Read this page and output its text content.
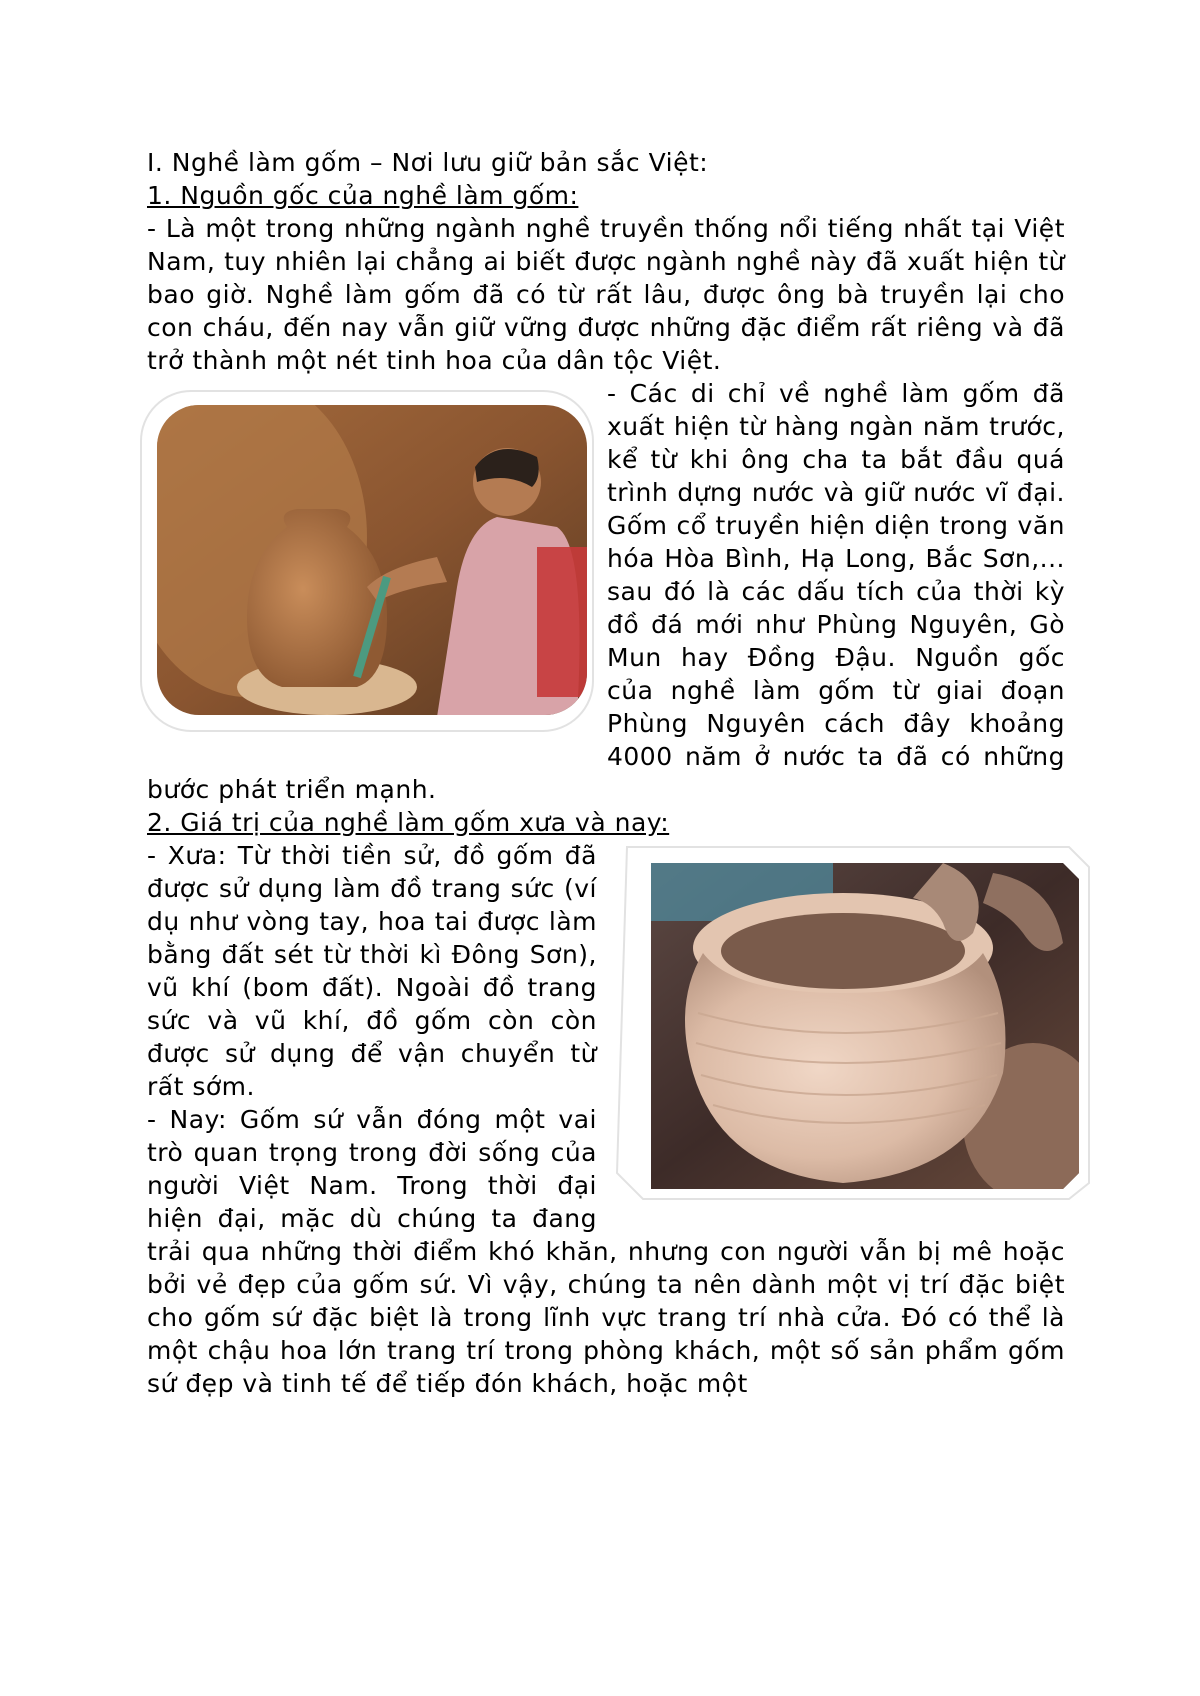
I. Nghề làm gốm – Nơi lưu giữ bản sắc Việt:

1. Nguồn gốc của nghề làm gốm:

- Là một trong những ngành nghề truyền thống nổi tiếng nhất tại Việt Nam, tuy nhiên lại chẳng ai biết được ngành nghề này đã xuất hiện từ bao giờ. Nghề làm gốm đã có từ rất lâu, được ông bà truyền lại cho con cháu, đến nay vẫn giữ vững được những đặc điểm rất riêng và đã trở thành một nét tinh hoa của dân tộc Việt.

- Các di chỉ về nghề làm gốm đã xuất hiện từ hàng ngàn năm trước, kể từ khi ông cha ta bắt đầu quá trình dựng nước và giữ nước vĩ đại. Gốm cổ truyền hiện diện trong văn hóa Hòa Bình, Hạ Long, Bắc Sơn,... sau đó là các dấu tích của thời kỳ đồ đá mới như Phùng Nguyên, Gò Mun hay Đồng Đậu. Nguồn gốc của nghề làm gốm từ giai đoạn Phùng Nguyên cách đây khoảng 4000 năm ở nước ta đã có những bước phát triển mạnh.

2. Giá trị của nghề làm gốm xưa và nay:

- Xưa: Từ thời tiền sử, đồ gốm đã được sử dụng làm đồ trang sức (ví dụ như vòng tay, hoa tai được làm bằng đất sét từ thời kì Đông Sơn), vũ khí (bom đất). Ngoài đồ trang sức và vũ khí, đồ gốm còn còn được sử dụng để vận chuyển từ rất sớm.

- Nay: Gốm sứ vẫn đóng một vai trò quan trọng trong đời sống của người Việt Nam. Trong thời đại hiện đại, mặc dù chúng ta đang trải qua những thời điểm khó khăn, nhưng con người vẫn bị mê hoặc bởi vẻ đẹp của gốm sứ. Vì vậy, chúng ta nên dành một vị trí đặc biệt cho gốm sứ đặc biệt là trong lĩnh vực trang trí nhà cửa. Đó có thể là một chậu hoa lớn trang trí trong phòng khách, một số sản phẩm gốm sứ đẹp và tinh tế để tiếp đón khách, hoặc một
